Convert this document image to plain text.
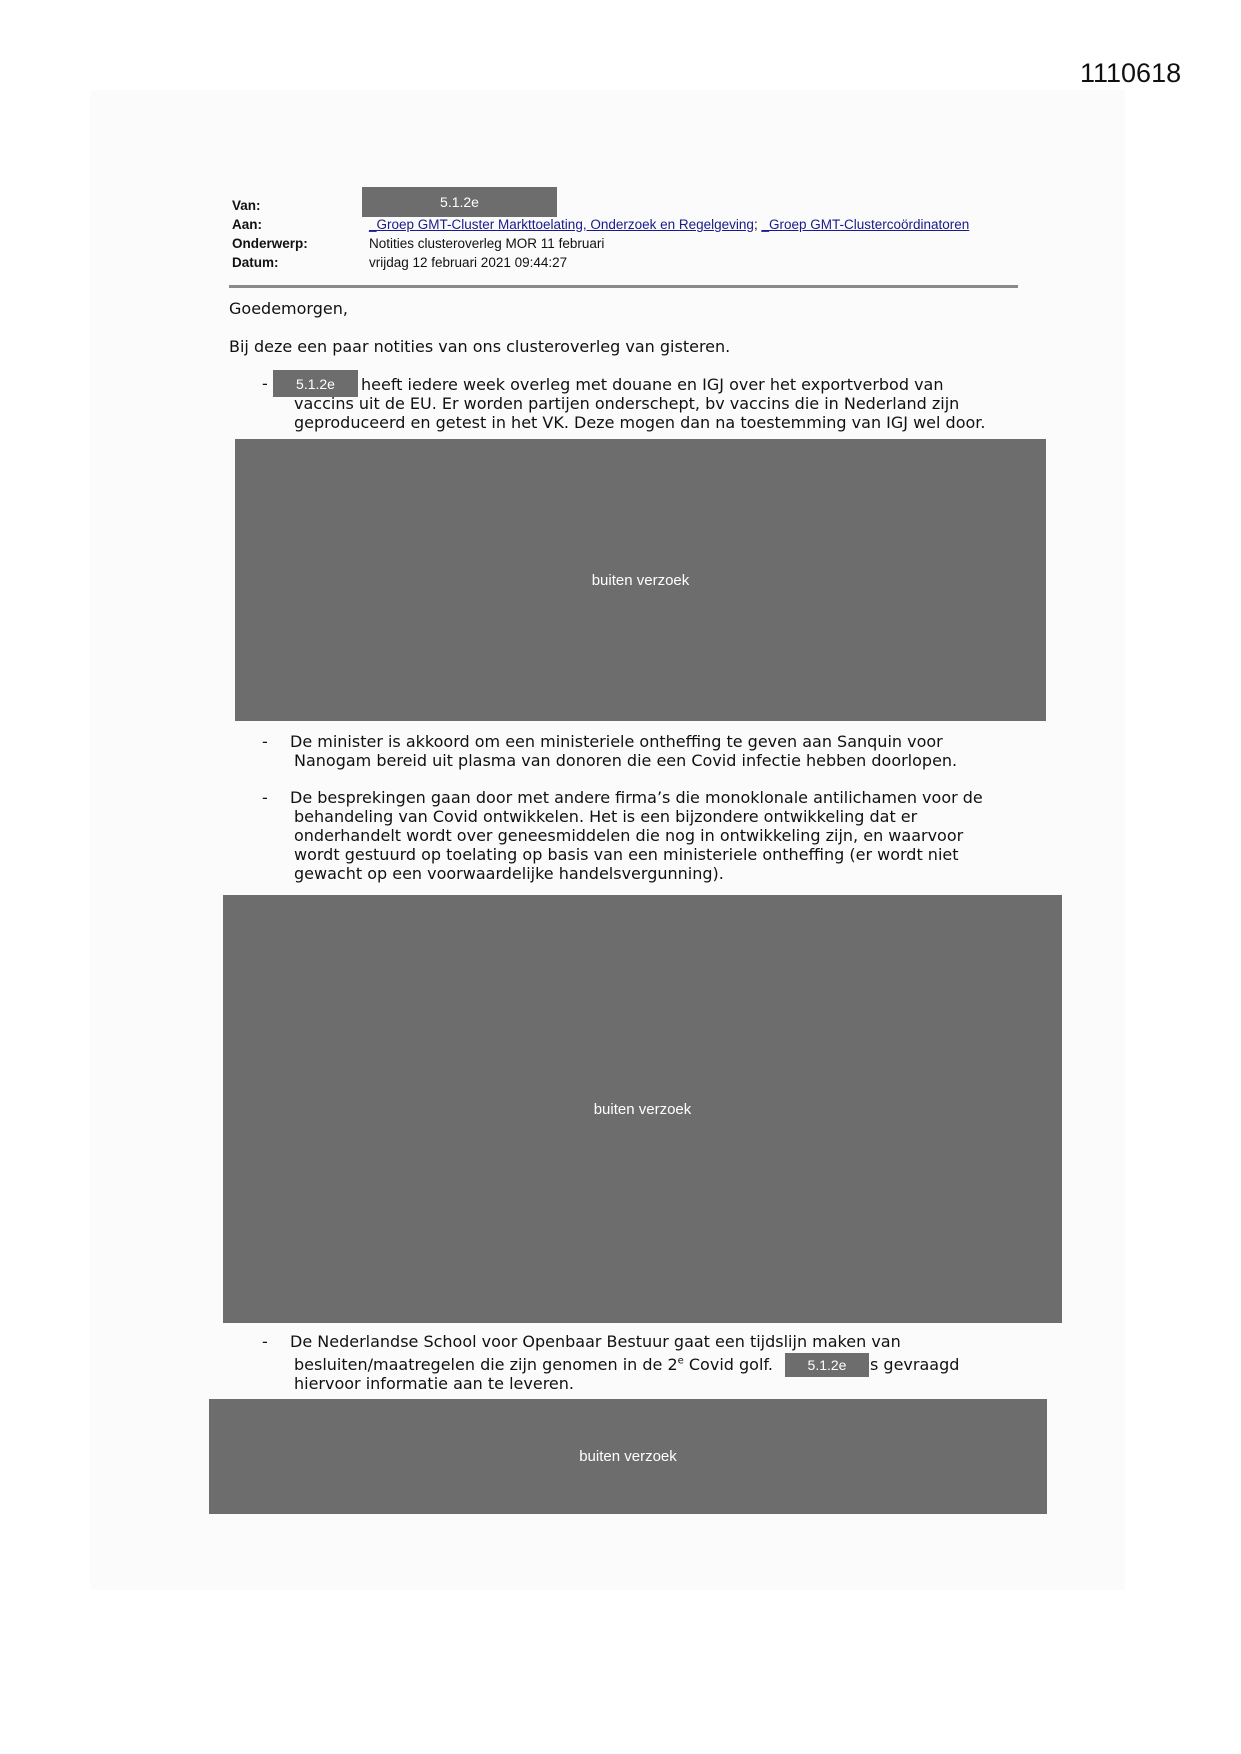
1110618
Van:	5.1.2e
Aan:	_Groep GMT-Cluster Markttoelating, Onderzoek en Regelgeving; _Groep GMT-Clustercoördinatoren
Onderwerp:	Notities clusteroverleg MOR 11 februari
Datum:	vrijdag 12 februari 2021 09:44:27
Goedemorgen,
Bij deze een paar notities van ons clusteroverleg van gisteren.
-	5.1.2e	heeft iedere week overleg met douane en IGJ over het exportverbod van
vaccins uit de EU. Er worden partijen onderschept, bv vaccins die in Nederland zijn
geproduceerd en getest in het VK. Deze mogen dan na toestemming van IGJ wel door.
buiten verzoek
- De minister is akkoord om een ministeriele ontheffing te geven aan Sanquin voor
Nanogam bereid uit plasma van donoren die een Covid infectie hebben doorlopen.
- De besprekingen gaan door met andere firma’s die monoklonale antilichamen voor de
behandeling van Covid ontwikkelen. Het is een bijzondere ontwikkeling dat er
onderhandelt wordt over geneesmiddelen die nog in ontwikkeling zijn, en waarvoor
wordt gestuurd op toelating op basis van een ministeriele ontheffing (er wordt niet
gewacht op een voorwaardelijke handelsvergunning).
buiten verzoek
- De Nederlandse School voor Openbaar Bestuur gaat een tijdslijn maken van
besluiten/maatregelen die zijn genomen in de 2e Covid golf.	5.1.2e	s gevraagd
hiervoor informatie aan te leveren.
buiten verzoek
